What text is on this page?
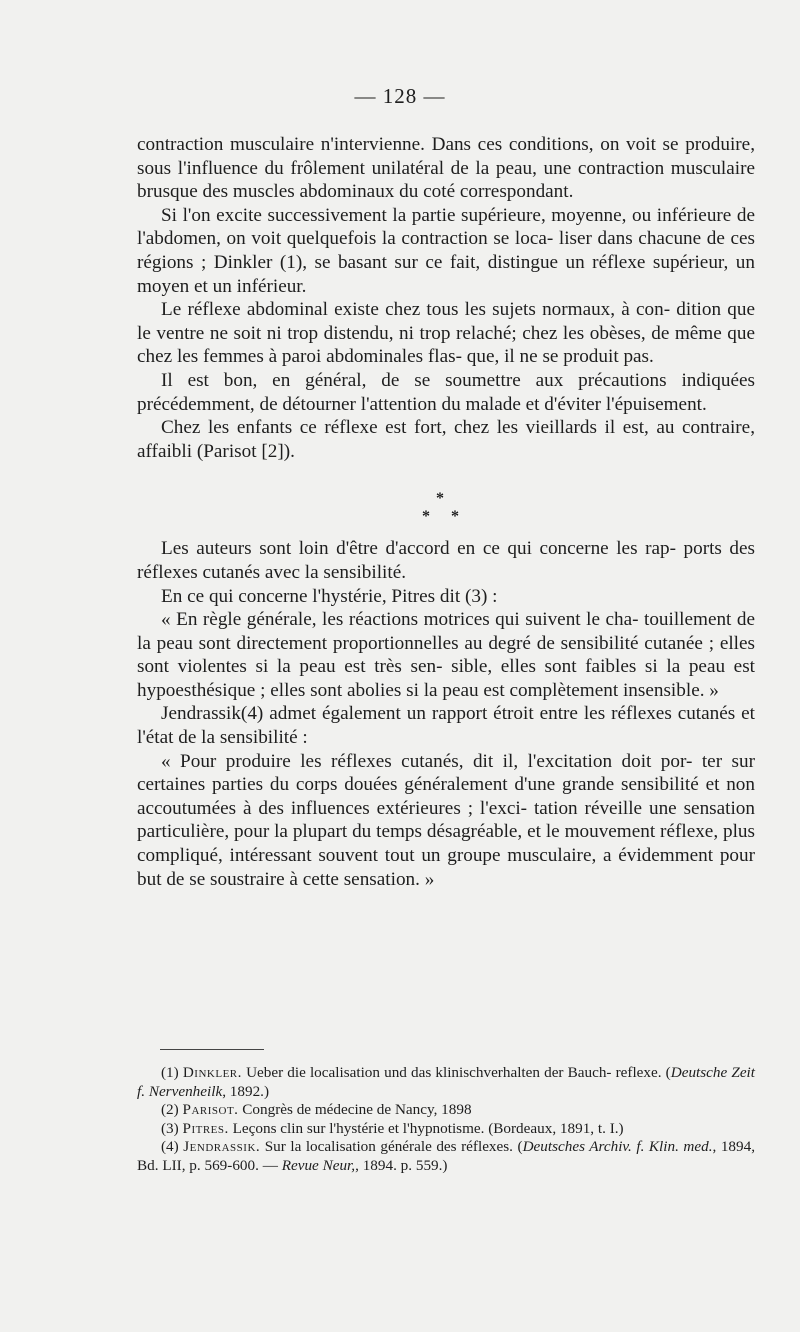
— 128 —

contraction musculaire n'intervienne. Dans ces conditions, on voit se produire, sous l'influence du frôlement unilatéral de la peau, une contraction musculaire brusque des muscles abdominaux du coté correspondant.

Si l'on excite successivement la partie supérieure, moyenne, ou inférieure de l'abdomen, on voit quelquefois la contraction se loca- liser dans chacune de ces régions ; Dinkler (1), se basant sur ce fait, distingue un réflexe supérieur, un moyen et un inférieur.

Le réflexe abdominal existe chez tous les sujets normaux, à con- dition que le ventre ne soit ni trop distendu, ni trop relaché; chez les obèses, de même que chez les femmes à paroi abdominales flas- que, il ne se produit pas.

Il est bon, en général, de se soumettre aux précautions indiquées précédemment, de détourner l'attention du malade et d'éviter l'épuisement.

Chez les enfants ce réflexe est fort, chez les vieillards il est, au contraire, affaibli (Parisot [2]).

*
* *

Les auteurs sont loin d'être d'accord en ce qui concerne les rap- ports des réflexes cutanés avec la sensibilité.

En ce qui concerne l'hystérie, Pitres dit (3) :

« En règle générale, les réactions motrices qui suivent le cha- touillement de la peau sont directement proportionnelles au degré de sensibilité cutanée ; elles sont violentes si la peau est très sen- sible, elles sont faibles si la peau est hypoesthésique ; elles sont abolies si la peau est complètement insensible. »

Jendrassik(4) admet également un rapport étroit entre les réflexes cutanés et l'état de la sensibilité :

« Pour produire les réflexes cutanés, dit il, l'excitation doit por- ter sur certaines parties du corps douées généralement d'une grande sensibilité et non accoutumées à des influences extérieures ; l'exci- tation réveille une sensation particulière, pour la plupart du temps désagréable, et le mouvement réflexe, plus compliqué, intéressant souvent tout un groupe musculaire, a évidemment pour but de se soustraire à cette sensation. »

(1) Dinkler. Ueber die localisation und das klinischverhalten der Bauch- reflexe. (Deutsche Zeit f. Nervenheilk, 1892.)

(2) Parisot. Congrès de médecine de Nancy, 1898

(3) Pitres. Leçons clin sur l'hystérie et l'hypnotisme. (Bordeaux, 1891, t. I.)

(4) Jendrassik. Sur la localisation générale des réflexes. (Deutsches Archiv. f. Klin. med., 1894, Bd. LII, p. 569-600. — Revue Neur,, 1894. p. 559.)
